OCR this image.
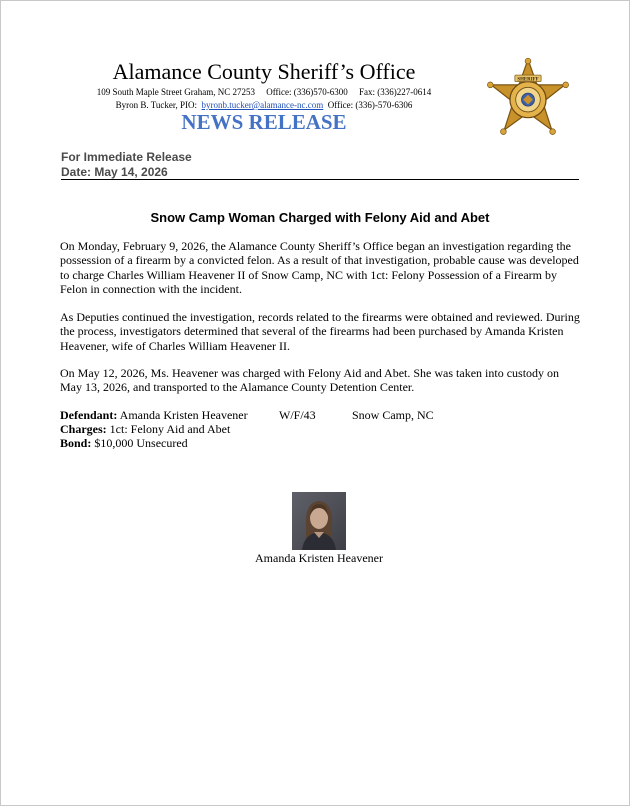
Alamance County Sheriff’s Office
109 South Maple Street Graham, NC 27253 Office: (336)570-6300 Fax: (336)227-0614
Byron B. Tucker, PIO: byronb.tucker@alamance-nc.com Office: (336)-570-6306
NEWS RELEASE
SHERIFF
For Immediate Release
Date: May 14, 2026
Snow Camp Woman Charged with Felony Aid and Abet
On Monday, February 9, 2026, the Alamance County Sheriff’s Office began an investigation regarding the possession of a firearm by a convicted felon. As a result of that investigation, probable cause was developed to charge Charles William Heavener II of Snow Camp, NC with 1ct: Felony Possession of a Firearm by Felon in connection with the incident.
As Deputies continued the investigation, records related to the firearms were obtained and reviewed. During the process, investigators determined that several of the firearms had been purchased by Amanda Kristen Heavener, wife of Charles William Heavener II.
On May 12, 2026, Ms. Heavener was charged with Felony Aid and Abet. She was taken into custody on May 13, 2026, and transported to the Alamance County Detention Center.
Defendant: Amanda Kristen Heavener	W/F/43	Snow Camp, NC
Charges: 1ct: Felony Aid and Abet
Bond: $10,000 Unsecured
Amanda Kristen Heavener
